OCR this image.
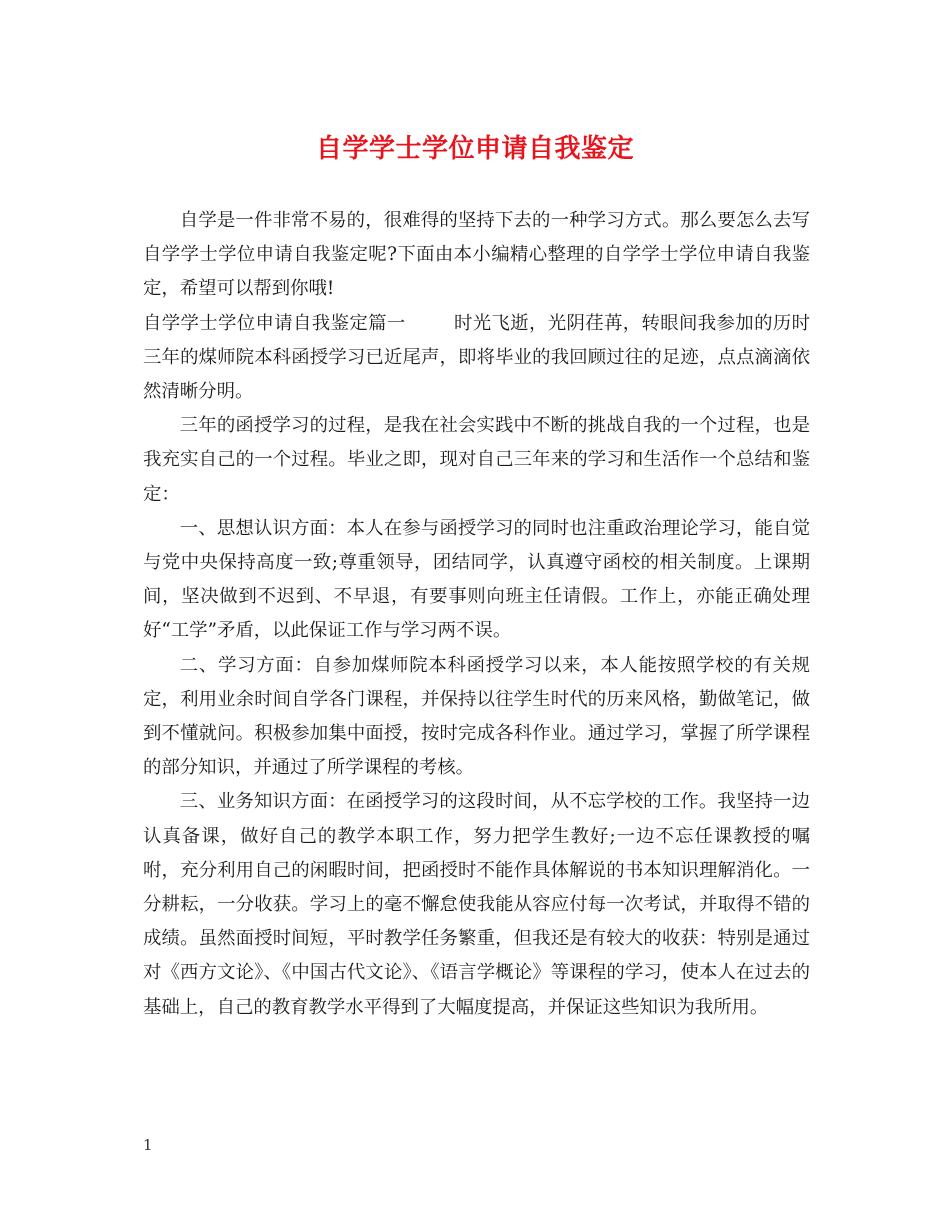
自学学士学位申请自我鉴定

自学是一件非常不易的，很难得的坚持下去的一种学习方式。那么要怎么去写自学学士学位申请自我鉴定呢?下面由本小编精心整理的自学学士学位申请自我鉴定，希望可以帮到你哦!

自学学士学位申请自我鉴定篇一	时光飞逝，光阴荏苒，转眼间我参加的历时三年的煤师院本科函授学习已近尾声，即将毕业的我回顾过往的足迹，点点滴滴依然清晰分明。

三年的函授学习的过程，是我在社会实践中不断的挑战自我的一个过程，也是我充实自己的一个过程。毕业之即，现对自己三年来的学习和生活作一个总结和鉴定：

一、思想认识方面：本人在参与函授学习的同时也注重政治理论学习，能自觉与党中央保持高度一致;尊重领导，团结同学，认真遵守函校的相关制度。上课期间，坚决做到不迟到、不早退，有要事则向班主任请假。工作上，亦能正确处理好“工学”矛盾，以此保证工作与学习两不误。

二、学习方面：自参加煤师院本科函授学习以来，本人能按照学校的有关规定，利用业余时间自学各门课程，并保持以往学生时代的历来风格，勤做笔记，做到不懂就问。积极参加集中面授，按时完成各科作业。通过学习，掌握了所学课程的部分知识，并通过了所学课程的考核。

三、业务知识方面：在函授学习的这段时间，从不忘学校的工作。我坚持一边认真备课，做好自己的教学本职工作，努力把学生教好;一边不忘任课教授的嘱咐，充分利用自己的闲暇时间，把函授时不能作具体解说的书本知识理解消化。一分耕耘，一分收获。学习上的毫不懈怠使我能从容应付每一次考试，并取得不错的成绩。虽然面授时间短，平时教学任务繁重，但我还是有较大的收获：特别是通过对《西方文论》、《中国古代文论》、《语言学概论》等课程的学习，使本人在过去的基础上，自己的教育教学水平得到了大幅度提高，并保证这些知识为我所用。

1
